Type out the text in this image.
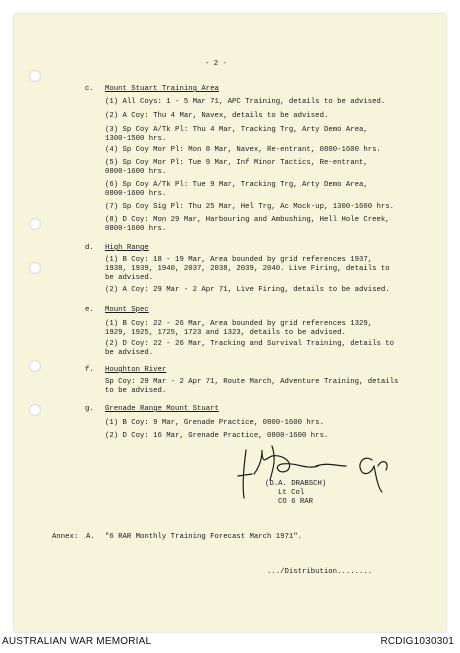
- 2 -
c. Mount Stuart Training Area
(1) All Coys: 1 - 5 Mar 71, APC Training, details to be advised.
(2) A Coy: Thu 4 Mar, Navex, details to be advised.
(3) Sp Coy A/Tk Pl: Thu 4 Mar, Tracking Trg, Arty Demo Area,
1300-1500 hrs.
(4) Sp Coy Mor Pl: Mon 8 Mar, Navex, Re-entrant, 0800-1600 hrs.
(5) Sp Coy Mor Pl: Tue 9 Mar, Inf Minor Tactics, Re-entrant,
0800-1600 hrs.
(6) Sp Coy A/Tk Pl: Tue 9 Mar, Tracking Trg, Arty Demo Area,
0800-1600 hrs.
(7) Sp Coy Sig Pl: Thu 25 Mar, Hel Trg, Ac Mock-up, 1300-1600 hrs.
(8) D Coy: Mon 29 Mar, Harbouring and Ambushing, Hell Hole Creek,
0800-1600 hrs.
d. High Range
(1) B Coy: 18 - 19 Mar, Area bounded by grid references 1937,
1938, 1939, 1940, 2037, 2038, 2039, 2040. Live Firing, details to
be advised.
(2) A Coy: 29 Mar - 2 Apr 71, Live Firing, details to be advised.
e. Mount Spec
(1) B Coy: 22 - 26 Mar, Area bounded by grid references 1329,
1929, 1925, 1725, 1723 and 1323, details to be advised.
(2) D Coy: 22 - 26 Mar, Tracking and Survival Training, details to
be advised.
f. Houghton River
Sp Coy: 29 Mar - 2 Apr 71, Route March, Adventure Training, details
to be advised.
g. Grenade Range Mount Stuart
(1) B Coy: 9 Mar, Grenade Practice, 0800-1600 hrs.
(2) D Coy: 16 Mar, Grenade Practice, 0800-1600 hrs.
(D.A. DRABSCH)
Lt Col
CO 6 RAR
Annex: A. "6 RAR Monthly Training Forecast March 1971".
.../Distribution........
AUSTRALIAN WAR MEMORIAL	RCDIG1030301
